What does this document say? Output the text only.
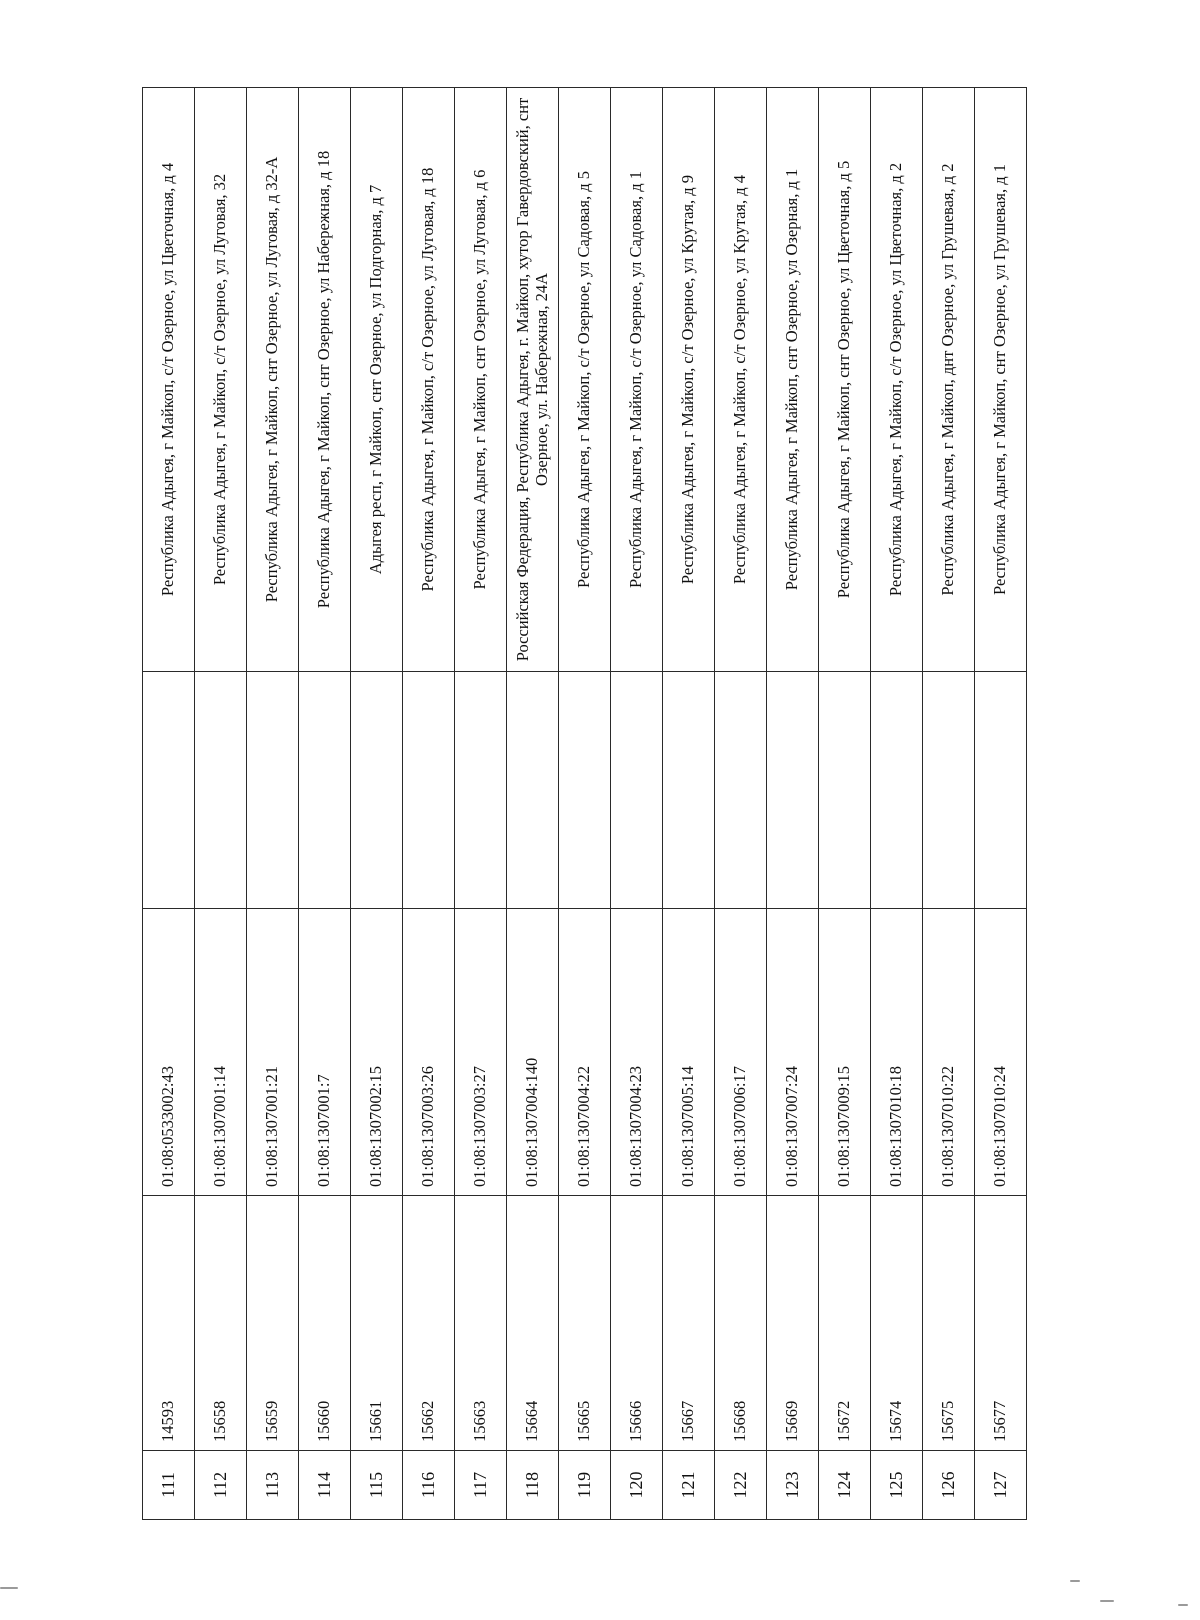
111	14593	01:08:0533002:43		Республика Адыгея, г Майкоп, с/т Озерное, ул Цветочная, д 4
112	15658	01:08:1307001:14		Республика Адыгея, г Майкоп, с/т Озерное, ул Луговая, 32
113	15659	01:08:1307001:21		Республика Адыгея, г Майкоп, снт Озерное, ул Луговая, д 32-А
114	15660	01:08:1307001:7		Республика Адыгея, г Майкоп, снт Озерное, ул Набережная, д 18
115	15661	01:08:1307002:15		Адыгея респ, г Майкоп, снт Озерное, ул Подгорная, д 7
116	15662	01:08:1307003:26		Республика Адыгея, г Майкоп, с/т Озерное, ул Луговая, д 18
117	15663	01:08:1307003:27		Республика Адыгея, г Майкоп, снт Озерное, ул Луговая, д 6
118	15664	01:08:1307004:140		Российская Федерация, Республика Адыгея, г. Майкоп, хутор Гавердовский, снт Озерное, ул. Набережная, 24А
119	15665	01:08:1307004:22		Республика Адыгея, г Майкоп, с/т Озерное, ул Садовая, д 5
120	15666	01:08:1307004:23		Республика Адыгея, г Майкоп, с/т Озерное, ул Садовая, д 1
121	15667	01:08:1307005:14		Республика Адыгея, г Майкоп, с/т Озерное, ул Крутая, д 9
122	15668	01:08:1307006:17		Республика Адыгея, г Майкоп, с/т Озерное, ул Крутая, д 4
123	15669	01:08:1307007:24		Республика Адыгея, г Майкоп, снт Озерное, ул Озерная, д 1
124	15672	01:08:1307009:15		Республика Адыгея, г Майкоп, снт Озерное, ул Цветочная, д 5
125	15674	01:08:1307010:18		Республика Адыгея, г Майкоп, с/т Озерное, ул Цветочная, д 2
126	15675	01:08:1307010:22		Республика Адыгея, г Майкоп, днт Озерное, ул Грушевая, д 2
127	15677	01:08:1307010:24		Республика Адыгея, г Майкоп, снт Озерное, ул Грушевая, д 1
